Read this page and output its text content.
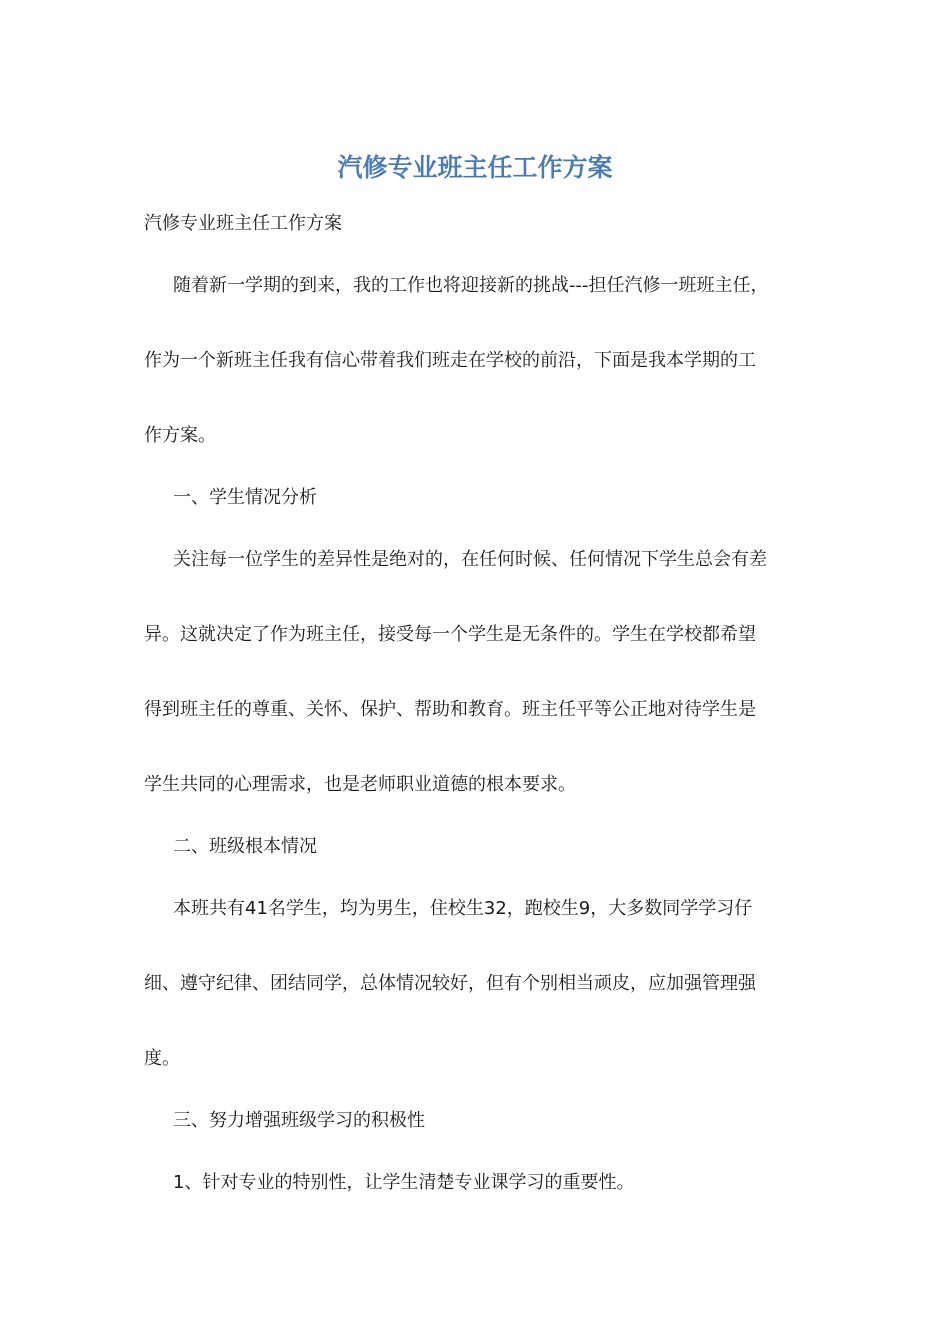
汽修专业班主任工作方案

汽修专业班主任工作方案

随着新一学期的到来，我的工作也将迎接新的挑战---担任汽修一班班主任，

作为一个新班主任我有信心带着我们班走在学校的前沿，下面是我本学期的工

作方案。

一、学生情况分析

关注每一位学生的差异性是绝对的，在任何时候、任何情况下学生总会有差

异。这就决定了作为班主任，接受每一个学生是无条件的。学生在学校都希望

得到班主任的尊重、关怀、保护、帮助和教育。班主任平等公正地对待学生是

学生共同的心理需求，也是老师职业道德的根本要求。

二、班级根本情况

本班共有41名学生，均为男生，住校生32，跑校生9，大多数同学学习仔

细、遵守纪律、团结同学，总体情况较好，但有个别相当顽皮，应加强管理强

度。

三、努力增强班级学习的积极性

1、针对专业的特别性，让学生清楚专业课学习的重要性。
